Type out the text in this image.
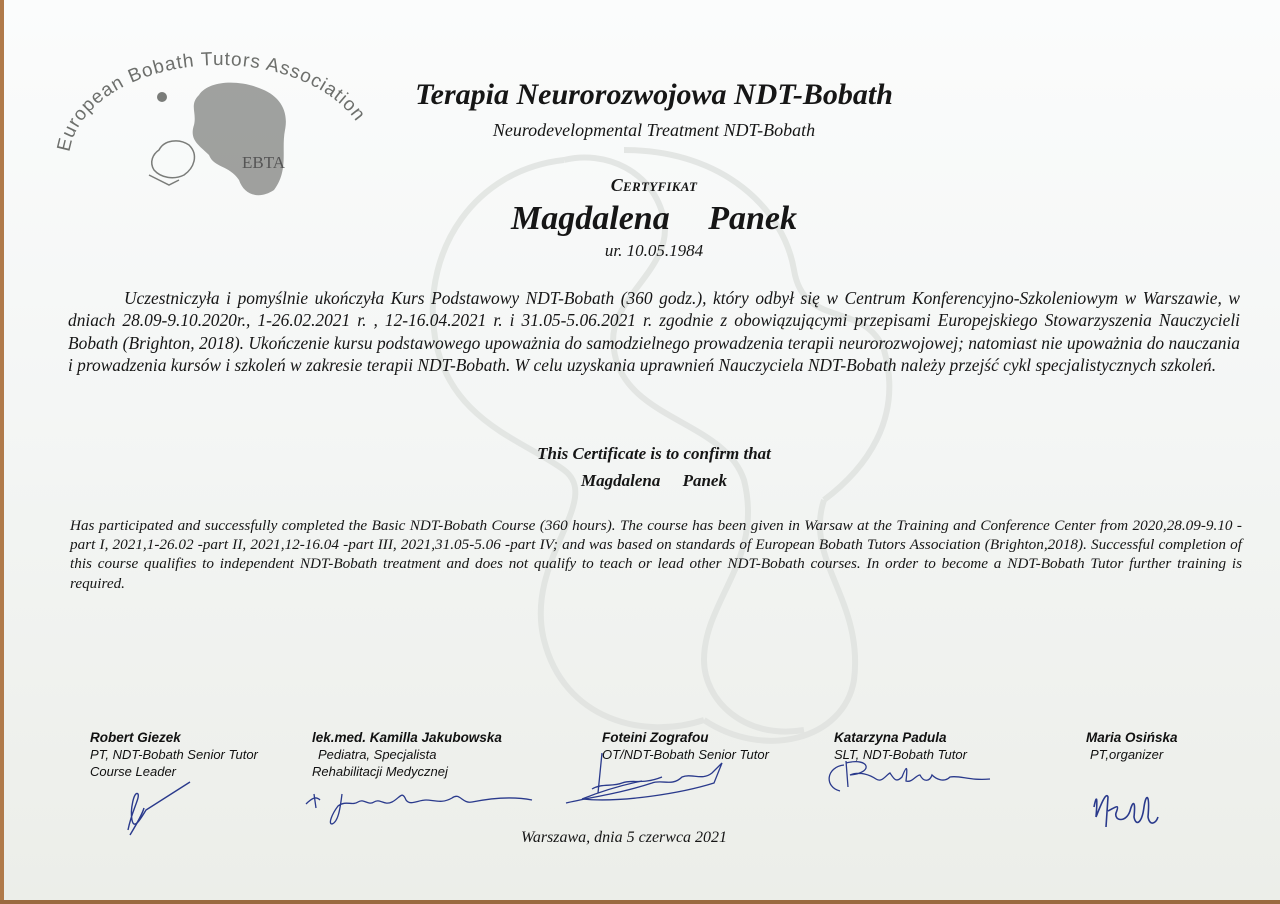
European Bobath Tutors Association
EBTA
Terapia Neurorozwojowa NDT-Bobath
Neurodevelopmental Treatment NDT-Bobath
Certyfikat
Magdalena Panek
ur. 10.05.1984
Uczestniczyła i pomyślnie ukończyła Kurs Podstawowy NDT-Bobath (360 godz.), który odbył się w Centrum Konferencyjno-Szkoleniowym w Warszawie, w dniach 28.09-9.10.2020r., 1-26.02.2021 r. , 12-16.04.2021 r. i 31.05-5.06.2021 r. zgodnie z obowiązującymi przepisami Europejskiego Stowarzyszenia Nauczycieli Bobath (Brighton, 2018). Ukończenie kursu podstawowego upoważnia do samodzielnego prowadzenia terapii neurorozwojowej; natomiast nie upoważnia do nauczania i prowadzenia kursów i szkoleń w zakresie terapii NDT-Bobath. W celu uzyskania uprawnień Nauczyciela NDT-Bobath należy przejść cykl specjalistycznych szkoleń.
This Certificate is to confirm that
Magdalena Panek
Has participated and successfully completed the Basic NDT-Bobath Course (360 hours). The course has been given in Warsaw at the Training and Conference Center from 2020,28.09-9.10 -part I, 2021,1-26.02 -part II, 2021,12-16.04 -part III, 2021,31.05-5.06 -part IV; and was based on standards of European Bobath Tutors Association (Brighton,2018). Successful completion of this course qualifies to independent NDT-Bobath treatment and does not qualify to teach or lead other NDT-Bobath courses. In order to become a NDT-Bobath Tutor further training is required.
Robert Giezek
PT, NDT-Bobath Senior Tutor
Course Leader
lek.med. Kamilla Jakubowska
Pediatra, Specjalista
Rehabilitacji Medycznej
Foteini Zografou
OT/NDT-Bobath Senior Tutor
Katarzyna Padula
SLT, NDT-Bobath Tutor
Maria Osińska
PT,organizer
Warszawa, dnia 5 czerwca 2021
